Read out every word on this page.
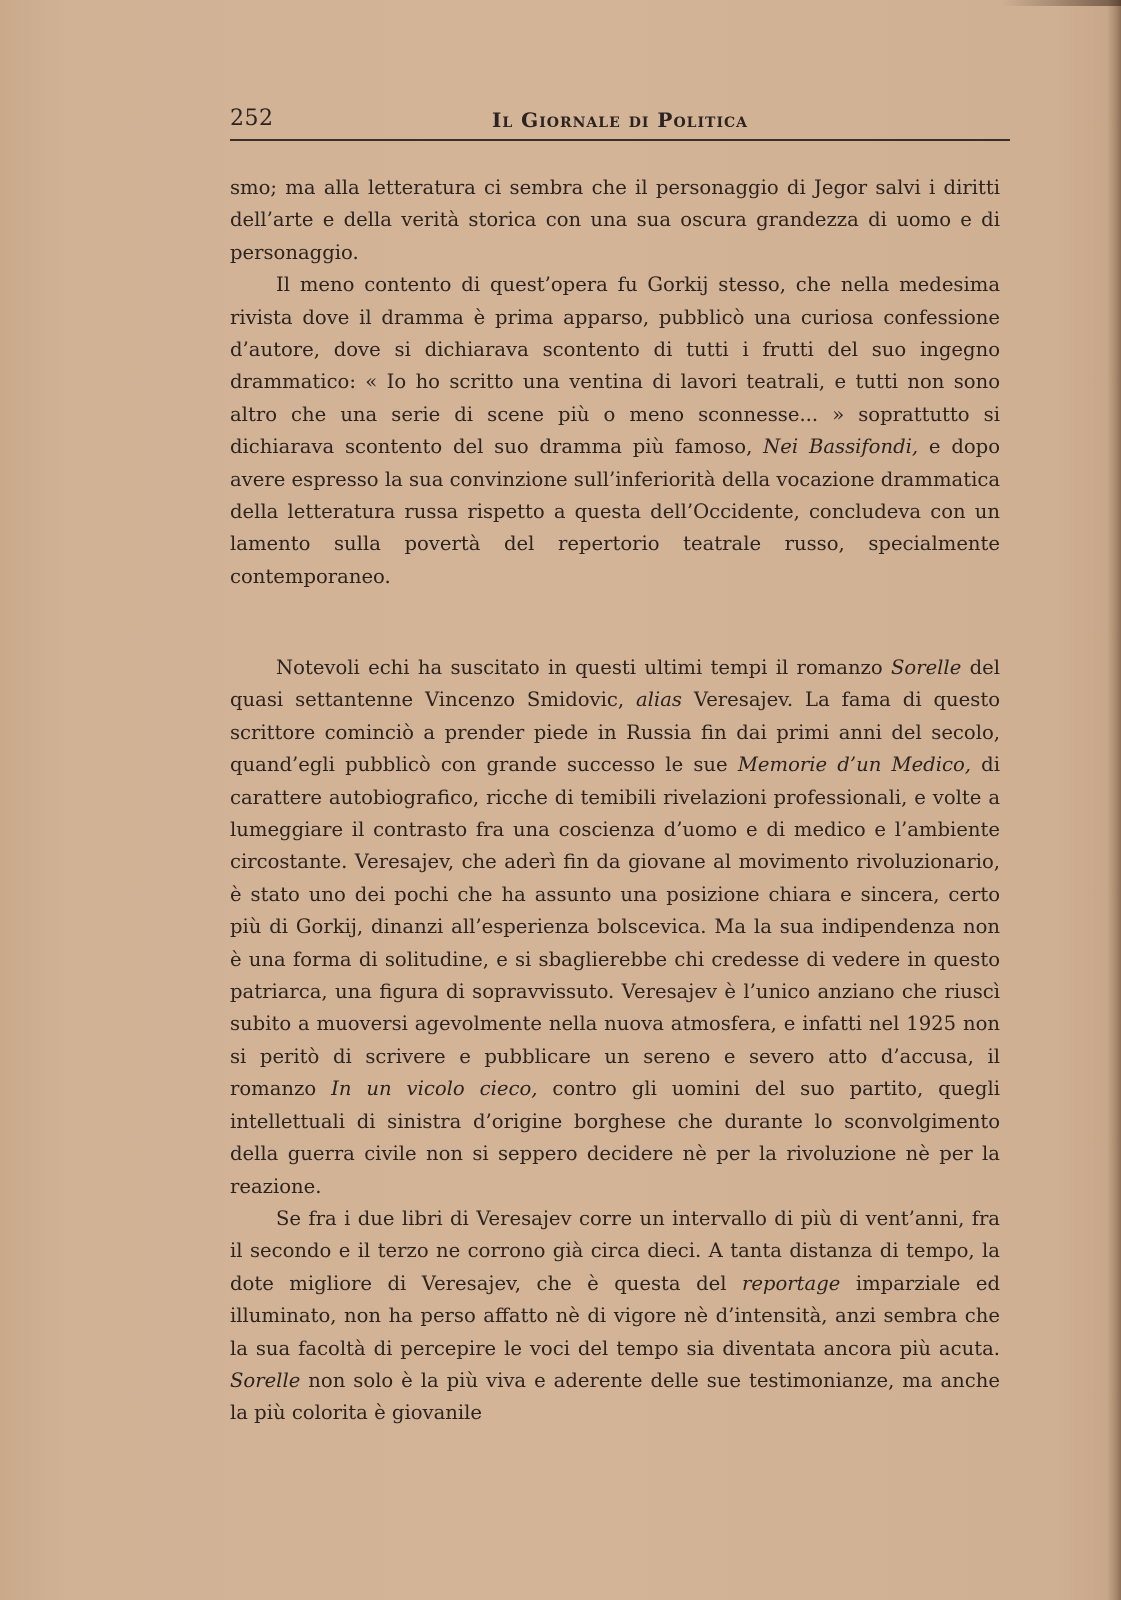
252	Il Giornale di Politica

smo; ma alla letteratura ci sembra che il personaggio di Jegor salvi i diritti dell’arte e della verità storica con una sua oscura grandezza di uomo e di personaggio.

Il meno contento di quest’opera fu Gorkij stesso, che nella medesima rivista dove il dramma è prima apparso, pubblicò una curiosa confessione d’autore, dove si dichiarava scontento di tutti i frutti del suo ingegno drammatico: « Io ho scritto una ventina di lavori teatrali, e tutti non sono altro che una serie di scene più o meno sconnesse... » soprattutto si dichiarava scontento del suo dramma più famoso, Nei Bassifondi, e dopo avere espresso la sua convinzione sull’inferiorità della vocazione drammatica della letteratura russa rispetto a questa dell’Occidente, concludeva con un lamento sulla povertà del repertorio teatrale russo, specialmente contemporaneo.

Notevoli echi ha suscitato in questi ultimi tempi il romanzo Sorelle del quasi settantenne Vincenzo Smidovic, alias Veresajev. La fama di questo scrittore cominciò a prender piede in Russia fin dai primi anni del secolo, quand’egli pubblicò con grande successo le sue Memorie d’un Medico, di carattere autobiografico, ricche di temibili rivelazioni professionali, e volte a lumeggiare il contrasto fra una coscienza d’uomo e di medico e l’ambiente circostante. Veresajev, che aderì fin da giovane al movimento rivoluzionario, è stato uno dei pochi che ha assunto una posizione chiara e sincera, certo più di Gorkij, dinanzi all’esperienza bolscevica. Ma la sua indipendenza non è una forma di solitudine, e si sbaglierebbe chi credesse di vedere in questo patriarca, una figura di sopravvissuto. Veresajev è l’unico anziano che riuscì subito a muoversi agevolmente nella nuova atmosfera, e infatti nel 1925 non si peritò di scrivere e pubblicare un sereno e severo atto d’accusa, il romanzo In un vicolo cieco, contro gli uomini del suo partito, quegli intellettuali di sinistra d’origine borghese che durante lo sconvolgimento della guerra civile non si seppero decidere nè per la rivoluzione nè per la reazione.

Se fra i due libri di Veresajev corre un intervallo di più di vent’anni, fra il secondo e il terzo ne corrono già circa dieci. A tanta distanza di tempo, la dote migliore di Veresajev, che è questa del reportage imparziale ed illuminato, non ha perso affatto nè di vigore nè d’intensità, anzi sembra che la sua facoltà di percepire le voci del tempo sia diventata ancora più acuta. Sorelle non solo è la più viva e aderente delle sue testimonianze, ma anche la più colorita è giovanile
